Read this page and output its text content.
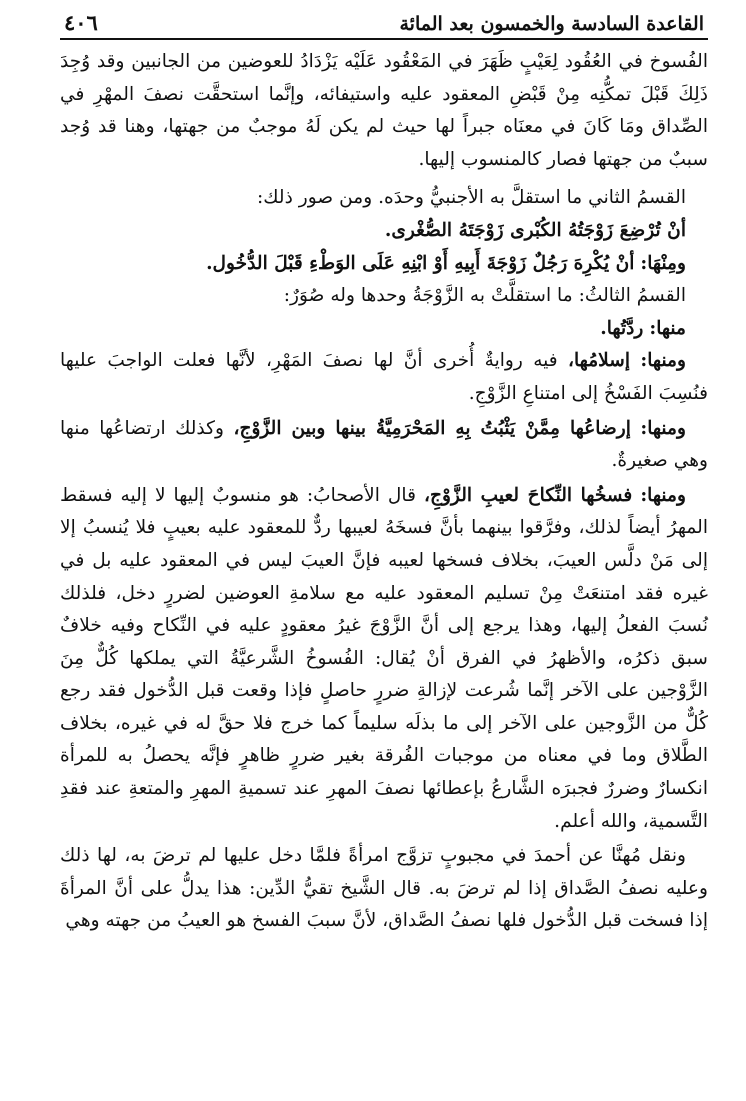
القاعدة السادسة والخمسون بعد المائة
٤٠٦

الفُسوخ في العُقُود لِعَيْبٍ ظَهَرَ في المَعْقُود عَلَيْه يَزْدَادُ للعوضين من الجانبين وقد وُجِدَ ذَلِكَ قَبْلَ تمكُّنِه مِنْ قَبْضِ المعقود عليه واستيفائه، وإنَّما استحقَّت نصفَ المهْرِ في الصِّداق ومَا كَانَ في معنَاه جبراً لها حيث لم يكن لَهُ موجبٌ من جهتها، وهنا قد وُجد سببٌ من جهتها فصار كالمنسوب إليها.

القسمُ الثاني ما استقلَّ به الأجنبيُّ وحدَه. ومن صور ذلك:

أنْ تُرْضِعَ زَوْجَتُهُ الكُبْرى زَوْجَتَهُ الصُّغْرى.

ومِنْهَا: أنْ يُكْرِهَ رَجُلٌ زَوْجَةَ أَبِيهِ أَوْ ابْنِهِ عَلَى الوَطْءِ قَبْلَ الدُّخُول.

القسمُ الثالثُ: ما استقلَّتْ به الزَّوْجَةُ وحدها وله صُوَرٌ:

منها: ردَّتُها.

ومنها: إسلامُها، فيه روايةٌ أُخرى أنَّ لها نصفَ المَهْرِ، لأنَّها فعلت الواجبَ عليها فنُسِبَ الفَسْخُ إلى امتناعِ الزَّوْجِ.

ومنها: إرضاعُها مِمَّنْ يَثْبُتُ بِهِ المَحْرَمِيَّةُ بينها وبين الزَّوْجِ، وكذلك ارتضاعُها منها وهي صغيرةٌ.

ومنها: فسخُها النِّكاحَ لعيبِ الزَّوْجِ، قال الأصحابُ: هو منسوبٌ إليها لا إليه فسقط المهرُ أيضاً لذلك، وفرَّقوا بينهما بأنَّ فسخَهُ لعيبها ردٌّ للمعقود عليه بعيبٍ فلا يُنسبُ إلا إلى مَنْ دلَّس العيبَ، بخلاف فسخها لعيبه فإنَّ العيبَ ليس في المعقود عليه بل في غيره فقد امتنعَتْ مِنْ تسليم المعقود عليه مع سلامةِ العوضين لضررٍ دخل، فلذلك نُسبَ الفعلُ إليها، وهذا يرجع إلى أنَّ الزَّوْجَ غيرُ معقودٍ عليه في النِّكاح وفيه خلافٌ سبق ذكرُه، والأظهرُ في الفرق أنْ يُقال: الفُسوخُ الشَّرعيَّةُ التي يملكها كُلٌّ مِنَ الزَّوْجين على الآخر إنَّما شُرعت لإزالةِ ضررٍ حاصلٍ فإذا وقعت قبل الدُّخول فقد رجع كُلٌّ من الزَّوجين على الآخر إلى ما بذلَه سليماً كما خرج فلا حقَّ له في غيره، بخلاف الطَّلاق وما في معناه من موجبات الفُرقة بغير ضررٍ ظاهرٍ فإنَّه يحصلُ به للمرأة انكسارٌ وضررٌ فجبرَه الشَّارعُ بإعطائها نصفَ المهرِ عند تسميةِ المهرِ والمتعةِ عند فقدِ التَّسمية، والله أعلم.

ونقل مُهنَّا عن أحمدَ في مجبوبٍ تزوَّج امرأةً فلمَّا دخل عليها لم ترضَ به، لها ذلك وعليه نصفُ الصَّداق إذا لم ترضَ به. قال الشَّيخ تقيُّ الدِّين: هذا يدلُّ على أنَّ المرأةَ إذا فسخت قبل الدُّخول فلها نصفُ الصَّداق، لأنَّ سببَ الفسخ هو العيبُ من جهته وهي
